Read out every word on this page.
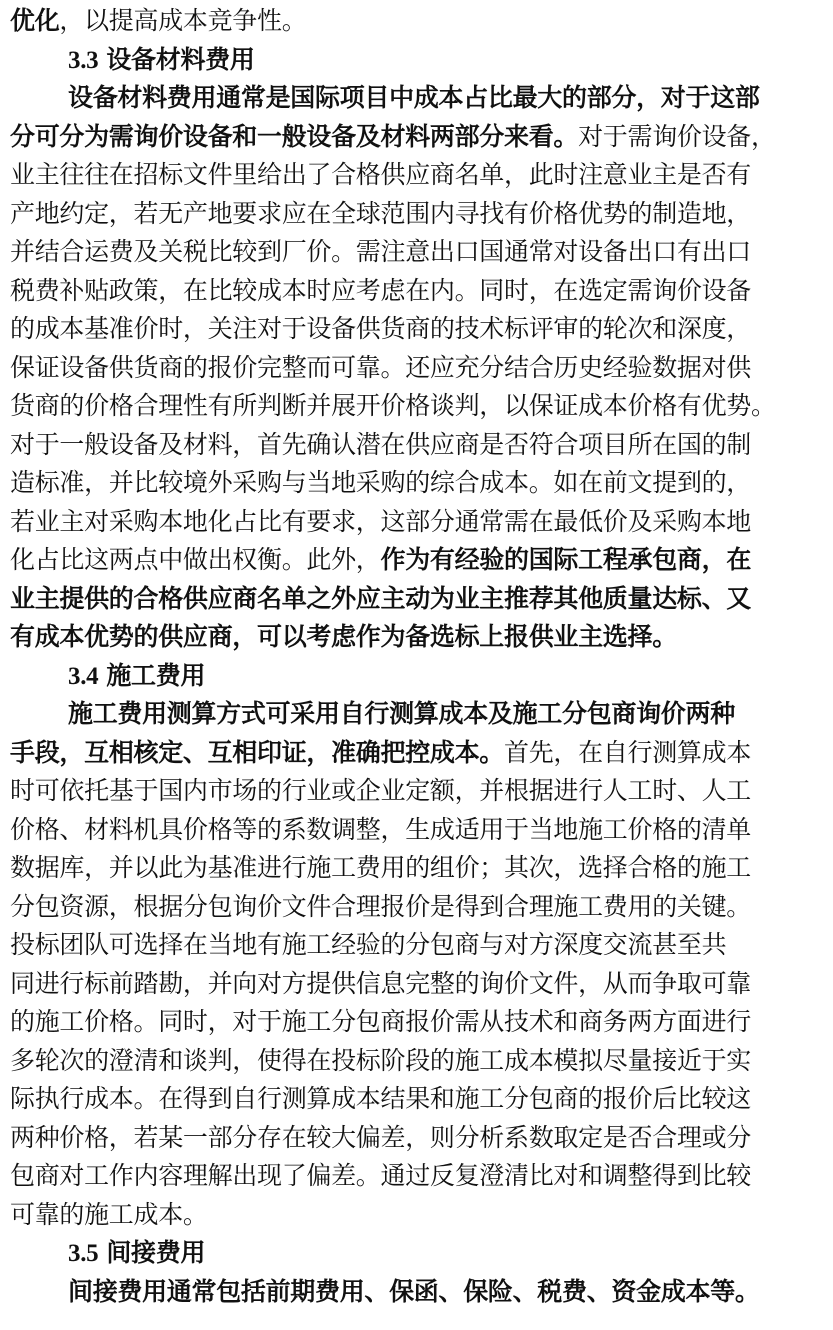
优化，以提高成本竞争性。
3.3 设备材料费用
设备材料费用通常是国际项目中成本占比最大的部分，对于这部
分可分为需询价设备和一般设备及材料两部分来看。对于需询价设备，
业主往往在招标文件里给出了合格供应商名单，此时注意业主是否有
产地约定，若无产地要求应在全球范围内寻找有价格优势的制造地，
并结合运费及关税比较到厂价。需注意出口国通常对设备出口有出口
税费补贴政策，在比较成本时应考虑在内。同时，在选定需询价设备
的成本基准价时，关注对于设备供货商的技术标评审的轮次和深度，
保证设备供货商的报价完整而可靠。还应充分结合历史经验数据对供
货商的价格合理性有所判断并展开价格谈判，以保证成本价格有优势。
对于一般设备及材料，首先确认潜在供应商是否符合项目所在国的制
造标准，并比较境外采购与当地采购的综合成本。如在前文提到的，
若业主对采购本地化占比有要求，这部分通常需在最低价及采购本地
化占比这两点中做出权衡。此外，作为有经验的国际工程承包商，在
业主提供的合格供应商名单之外应主动为业主推荐其他质量达标、又
有成本优势的供应商，可以考虑作为备选标上报供业主选择。
3.4 施工费用
施工费用测算方式可采用自行测算成本及施工分包商询价两种
手段，互相核定、互相印证，准确把控成本。首先，在自行测算成本
时可依托基于国内市场的行业或企业定额，并根据进行人工时、人工
价格、材料机具价格等的系数调整，生成适用于当地施工价格的清单
数据库，并以此为基准进行施工费用的组价；其次，选择合格的施工
分包资源，根据分包询价文件合理报价是得到合理施工费用的关键。
投标团队可选择在当地有施工经验的分包商与对方深度交流甚至共
同进行标前踏勘，并向对方提供信息完整的询价文件，从而争取可靠
的施工价格。同时，对于施工分包商报价需从技术和商务两方面进行
多轮次的澄清和谈判，使得在投标阶段的施工成本模拟尽量接近于实
际执行成本。在得到自行测算成本结果和施工分包商的报价后比较这
两种价格，若某一部分存在较大偏差，则分析系数取定是否合理或分
包商对工作内容理解出现了偏差。通过反复澄清比对和调整得到比较
可靠的施工成本。
3.5 间接费用
间接费用通常包括前期费用、保函、保险、税费、资金成本等。
